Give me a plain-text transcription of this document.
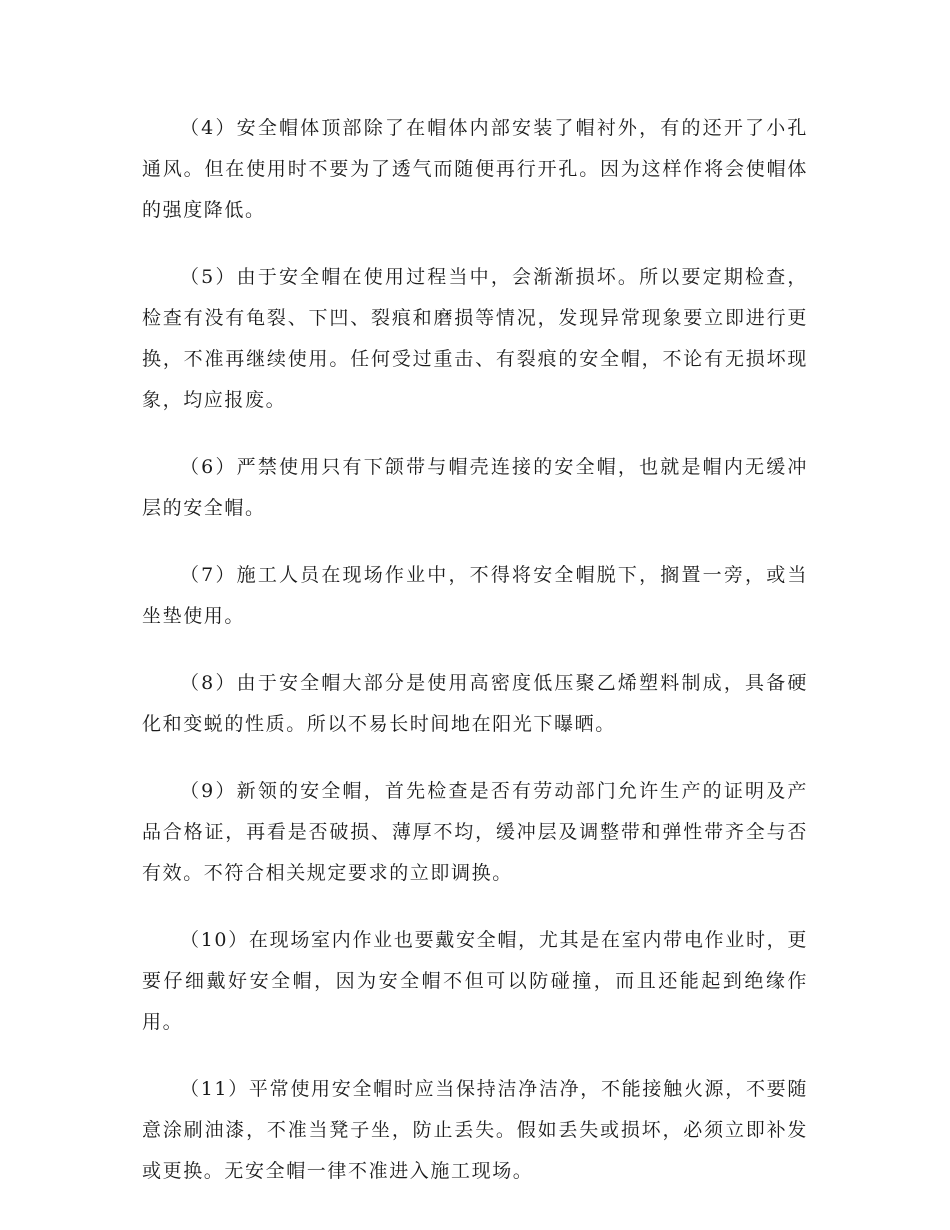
（4）安全帽体顶部除了在帽体内部安装了帽衬外，有的还开了小孔通风。但在使用时不要为了透气而随便再行开孔。因为这样作将会使帽体的强度降低。

（5）由于安全帽在使用过程当中，会渐渐损坏。所以要定期检查，检查有没有龟裂、下凹、裂痕和磨损等情况，发现异常现象要立即进行更换，不准再继续使用。任何受过重击、有裂痕的安全帽，不论有无损坏现象，均应报废。

（6）严禁使用只有下颌带与帽壳连接的安全帽，也就是帽内无缓冲层的安全帽。

（7）施工人员在现场作业中，不得将安全帽脱下，搁置一旁，或当坐垫使用。

（8）由于安全帽大部分是使用高密度低压聚乙烯塑料制成，具备硬化和变蜕的性质。所以不易长时间地在阳光下曝晒。

（9）新领的安全帽，首先检查是否有劳动部门允许生产的证明及产品合格证，再看是否破损、薄厚不均，缓冲层及调整带和弹性带齐全与否有效。不符合相关规定要求的立即调换。

（10）在现场室内作业也要戴安全帽，尤其是在室内带电作业时，更要仔细戴好安全帽，因为安全帽不但可以防碰撞，而且还能起到绝缘作用。

（11）平常使用安全帽时应当保持洁净洁净，不能接触火源，不要随意涂刷油漆，不准当凳子坐，防止丢失。假如丢失或损坏，必须立即补发或更换。无安全帽一律不准进入施工现场。
